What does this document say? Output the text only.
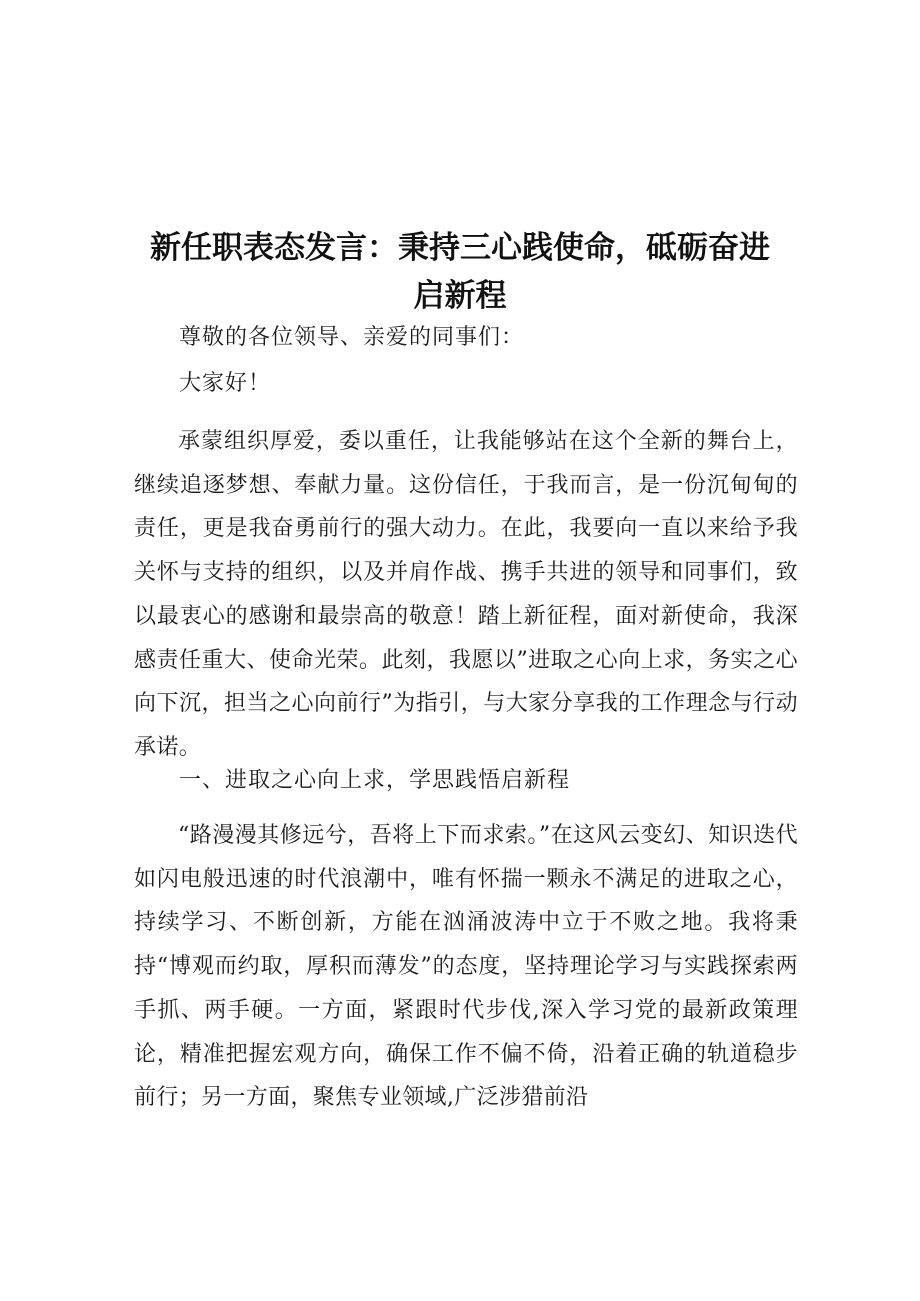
新任职表态发言：秉持三心践使命，砥砺奋进
启新程

尊敬的各位领导、亲爱的同事们：

大家好！

承蒙组织厚爱，委以重任，让我能够站在这个全新的舞台上，继续追逐梦想、奉献力量。这份信任，于我而言，是一份沉甸甸的责任，更是我奋勇前行的强大动力。在此，我要向一直以来给予我关怀与支持的组织，以及并肩作战、携手共进的领导和同事们，致以最衷心的感谢和最崇高的敬意！踏上新征程，面对新使命，我深感责任重大、使命光荣。此刻，我愿以”进取之心向上求，务实之心向下沉，担当之心向前行”为指引，与大家分享我的工作理念与行动承诺。

一、进取之心向上求，学思践悟启新程

“路漫漫其修远兮，吾将上下而求索。”在这风云变幻、知识迭代如闪电般迅速的时代浪潮中，唯有怀揣一颗永不满足的进取之心，持续学习、不断创新，方能在汹涌波涛中立于不败之地。我将秉持“博观而约取，厚积而薄发”的态度，坚持理论学习与实践探索两手抓、两手硬。一方面，紧跟时代步伐,深入学习党的最新政策理论，精准把握宏观方向，确保工作不偏不倚，沿着正确的轨道稳步前行；另一方面，聚焦专业领域,广泛涉猎前沿
